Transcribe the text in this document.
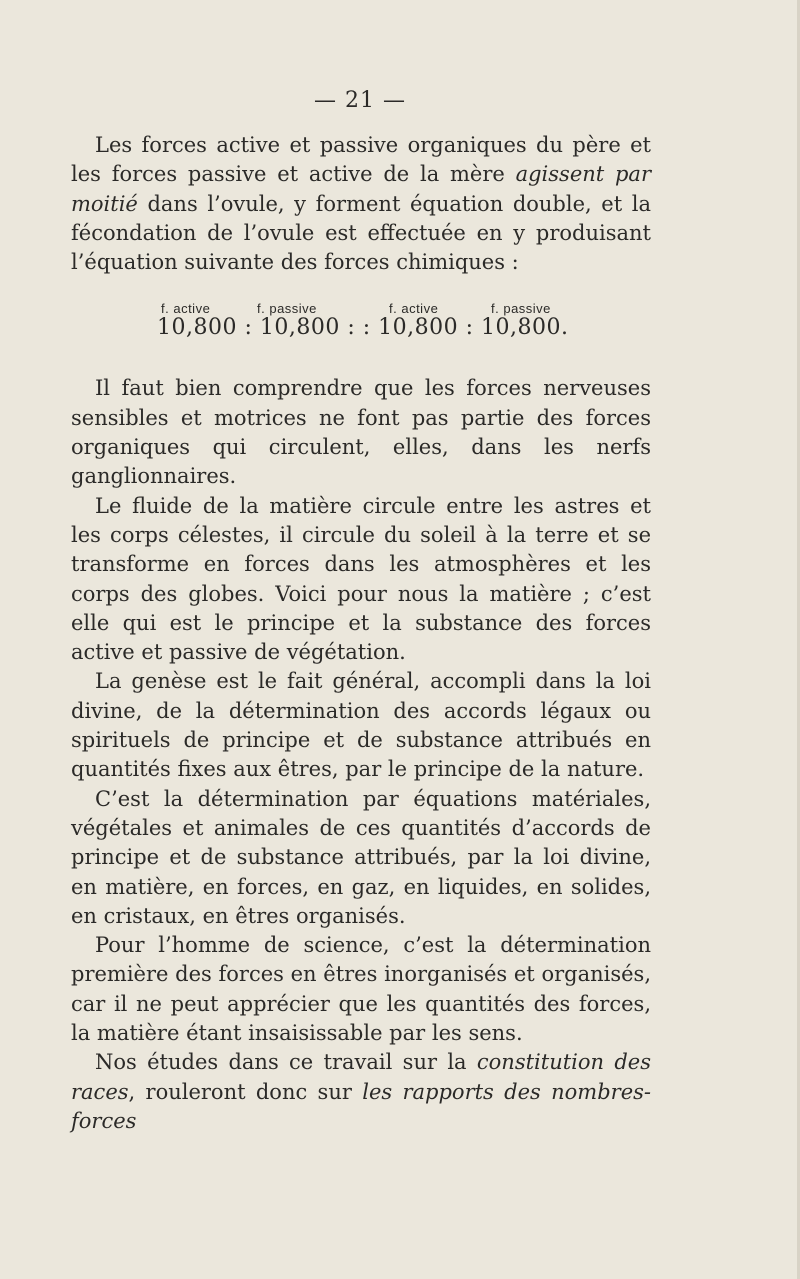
— 21 —

Les forces active et passive organiques du père et les forces passive et active de la mère agissent par moitié dans l’ovule, y forment équation double, et la fécondation de l’ovule est effectuée en y produisant l’équation suivante des forces chimiques :

f. active	f. passive	f. active	f. passive
10,800 : 10,800 : : 10,800 : 10,800.

Il faut bien comprendre que les forces nerveuses sensibles et motrices ne font pas partie des forces organiques qui circulent, elles, dans les nerfs ganglionnaires.

Le fluide de la matière circule entre les astres et les corps célestes, il circule du soleil à la terre et se transforme en forces dans les atmosphères et les corps des globes. Voici pour nous la matière ; c’est elle qui est le principe et la substance des forces active et passive de végétation.

La genèse est le fait général, accompli dans la loi divine, de la détermination des accords légaux ou spirituels de principe et de substance attribués en quantités fixes aux êtres, par le principe de la nature.

C’est la détermination par équations matériales, végétales et animales de ces quantités d’accords de principe et de substance attribués, par la loi divine, en matière, en forces, en gaz, en liquides, en solides, en cristaux, en êtres organisés.

Pour l’homme de science, c’est la détermination première des forces en êtres inorganisés et organisés, car il ne peut apprécier que les quantités des forces, la matière étant insaisissable par les sens.

Nos études dans ce travail sur la constitution des races, rouleront donc sur les rapports des nombres-forces
